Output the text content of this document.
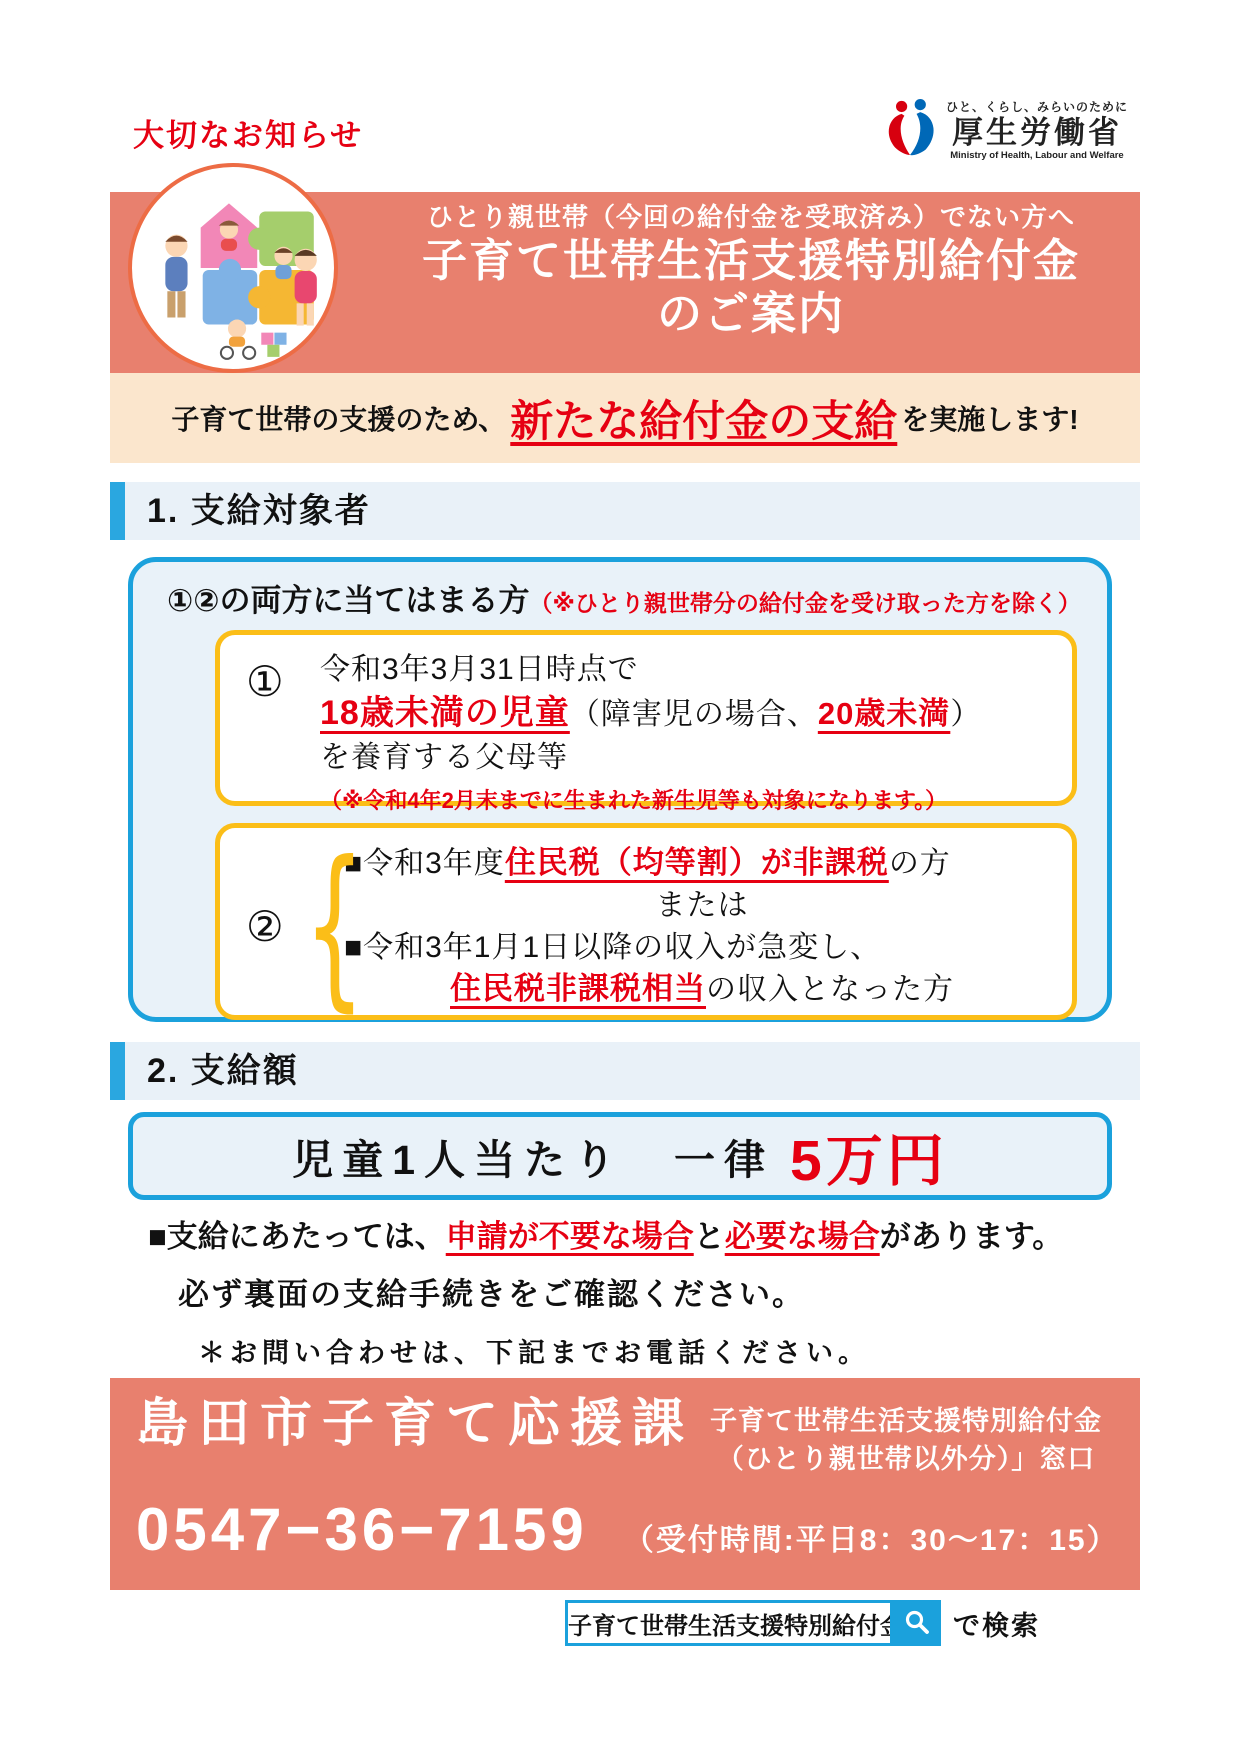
大切なお知らせ
ひと、くらし、みらいのために
厚生労働省
Ministry of Health, Labour and Welfare
ひとり親世帯（今回の給付金を受取済み）でない方へ
子育て世帯生活支援特別給付金
のご案内
子育て世帯の支援のため、 新たな給付金の支給 を実施します!
1. 支給対象者
①②の両方に当てはまる方（※ひとり親世帯分の給付金を受け取った方を除く）
①	令和3年3月31日時点で
18歳未満の児童（障害児の場合、20歳未満）
を養育する父母等
（※令和4年2月末までに生まれた新生児等も対象になります。）
② {
■令和3年度住民税（均等割）が非課税の方
または
■令和3年1月1日以降の収入が急変し、
住民税非課税相当の収入となった方
2. 支給額
児童1人当たり　一律 5万円
■支給にあたっては、申請が不要な場合と必要な場合があります。
必ず裏面の支給手続きをご確認ください。
＊お問い合わせは、下記までお電話ください。
島田市子育て応援課 子育て世帯生活支援特別給付金
（ひとり親世帯以外分）」窓口
0547−36−7159 （受付時間:平日8：30～17：15）
子育て世帯生活支援特別給付金
で検索
